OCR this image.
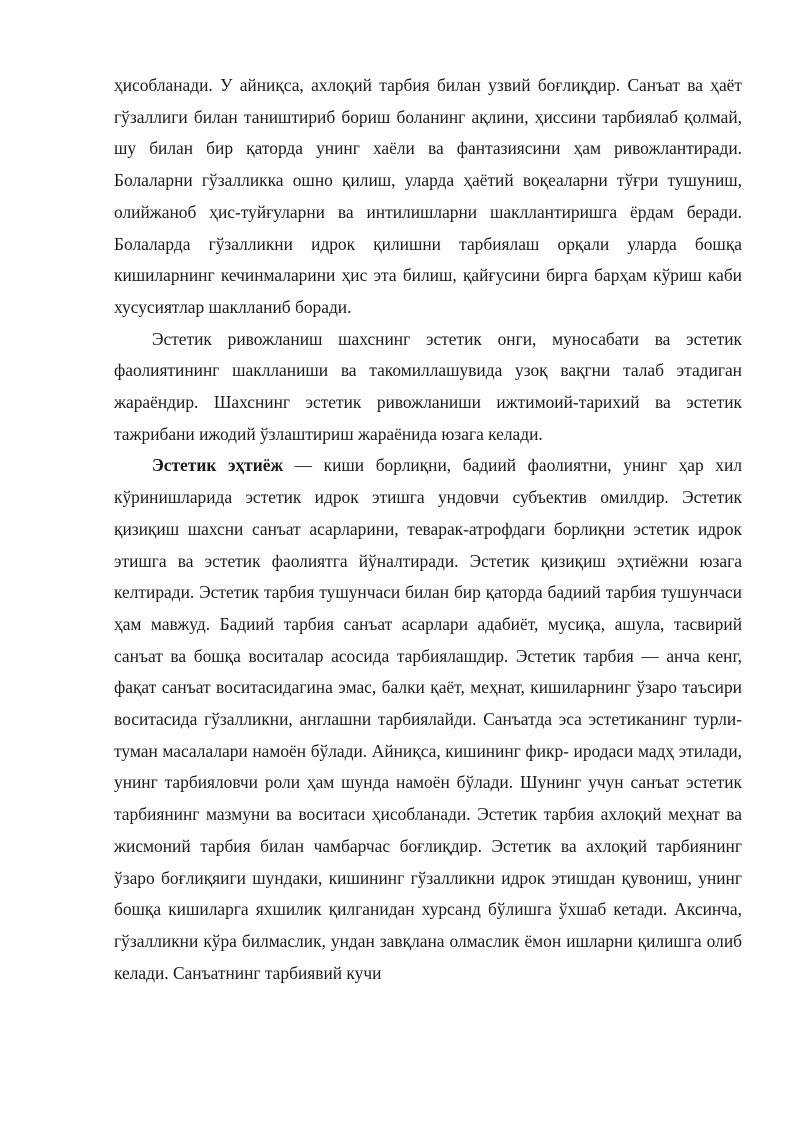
ҳисобланади. У айниқса, ахлоқий тарбия билан узвий боғлиқдир. Санъат ва ҳаёт гўзаллиги билан таништириб бориш боланинг ақлини, ҳиссини тарбиялаб қолмай, шу билан бир қаторда унинг хаёли ва фантазиясини ҳам ривожлантиради. Болаларни гўзалликка ошно қилиш, уларда ҳаётий воқеаларни тўғри тушуниш, олийжаноб ҳис-туйғуларни ва интилишларни шакллантиришга ёрдам беради. Болаларда гўзалликни идрок қилишни тарбиялаш орқали уларда бошқа кишиларнинг кечинмаларини ҳис эта билиш, қайғусини бирга барҳам кўриш каби хусусиятлар шаклланиб боради.

Эстетик ривожланиш шахснинг эстетик онги, муносабати ва эстетик фаолиятининг шаклланиши ва такомиллашувида узоқ вақгни талаб этадиган жараёндир. Шахснинг эстетик ривожланиши ижтимоий-тарихий ва эстетик тажрибани ижодий ўзлаштириш жараёнида юзага келади.

Эстетик эҳтиёж — киши борлиқни, бадиий фаолиятни, унинг ҳар хил кўринишларида эстетик идрок этишга ундовчи субъектив омилдир. Эстетик қизиқиш шахсни санъат асарларини, теварак-атрофдаги борлиқни эстетик идрок этишга ва эстетик фаолиятга йўналтиради. Эстетик қизиқиш эҳтиёжни юзага келтиради. Эстетик тарбия тушунчаси билан бир қаторда бадиий тарбия тушунчаси ҳам мавжуд. Бадиий тарбия санъат асарлари адабиёт, мусиқа, ашула, тасвирий санъат ва бошқа воситалар асосида тарбиялашдир. Эстетик тарбия — анча кенг, фақат санъат воситасидагина эмас, балки қаёт, меҳнат, кишиларнинг ўзаро таъсири воситасида гўзалликни, англашни тарбиялайди. Санъатда эса эстетиканинг турли-туман масалалари намоён бўлади. Айниқса, кишининг фикр- иродаси мадҳ этилади, унинг тарбияловчи роли ҳам шунда намоён бўлади. Шунинг учун санъат эстетик тарбиянинг мазмуни ва воситаси ҳисобланади. Эстетик тарбия ахлоқий меҳнат ва жисмоний тарбия билан чамбарчас боғлиқдир. Эстетик ва ахлоқий тарбиянинг ўзаро боғлиқяиги шундаки, кишининг гўзалликни идрок этишдан қувониш, унинг бошқа кишиларга яхшилик қилганидан хурсанд бўлишга ўхшаб кетади. Аксинча, гўзалликни кўра билмаслик, ундан завқлана олмаслик ёмон ишларни қилишга олиб келади. Санъатнинг тарбиявий кучи
